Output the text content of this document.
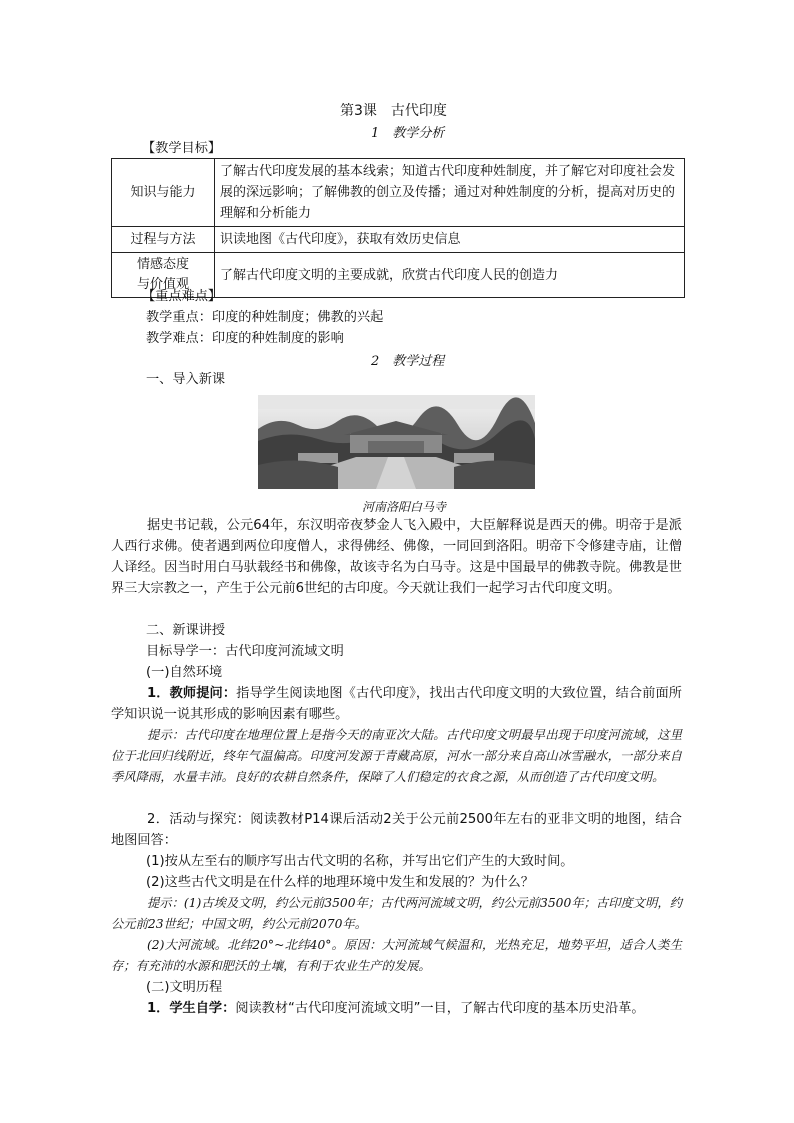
第3课　古代印度
1　教学分析
【教学目标】
知识与能力	了解古代印度发展的基本线索；知道古代印度种姓制度，并了解它对印度社会发展的深远影响；了解佛教的创立及传播；通过对种姓制度的分析，提高对历史的理解和分析能力
过程与方法	识读地图《古代印度》，获取有效历史信息

情感态度
与价值观	了解古代印度文明的主要成就，欣赏古代印度人民的创造力
【重点难点】
教学重点：印度的种姓制度；佛教的兴起
教学难点：印度的种姓制度的影响
2　教学过程
一、导入新课
河南洛阳白马寺
据史书记载，公元64年，东汉明帝夜梦金人飞入殿中，大臣解释说是西天的佛。明帝于是派人西行求佛。使者遇到两位印度僧人，求得佛经、佛像，一同回到洛阳。明帝下令修建寺庙，让僧人译经。因当时用白马驮载经书和佛像，故该寺名为白马寺。这是中国最早的佛教寺院。佛教是世界三大宗教之一，产生于公元前6世纪的古印度。今天就让我们一起学习古代印度文明。
二、新课讲授
目标导学一：古代印度河流域文明
(一)自然环境
1．教师提问：指导学生阅读地图《古代印度》，找出古代印度文明的大致位置，结合前面所学知识说一说其形成的影响因素有哪些。
提示：古代印度在地理位置上是指今天的南亚次大陆。古代印度文明最早出现于印度河流域，这里位于北回归线附近，终年气温偏高。印度河发源于青藏高原，河水一部分来自高山冰雪融水，一部分来自季风降雨，水量丰沛。良好的农耕自然条件，保障了人们稳定的衣食之源，从而创造了古代印度文明。
2．活动与探究：阅读教材P14课后活动2关于公元前2500年左右的亚非文明的地图，结合地图回答：
(1)按从左至右的顺序写出古代文明的名称，并写出它们产生的大致时间。
(2)这些古代文明是在什么样的地理环境中发生和发展的？为什么？
提示：(1)古埃及文明，约公元前3500年；古代两河流域文明，约公元前3500年；古印度文明，约公元前23世纪；中国文明，约公元前2070年。
(2)大河流域。北纬20°~北纬40°。原因：大河流域气候温和，光热充足，地势平坦，适合人类生存；有充沛的水源和肥沃的土壤，有利于农业生产的发展。
(二)文明历程
1．学生自学：阅读教材“古代印度河流域文明”一目，了解古代印度的基本历史沿革。
